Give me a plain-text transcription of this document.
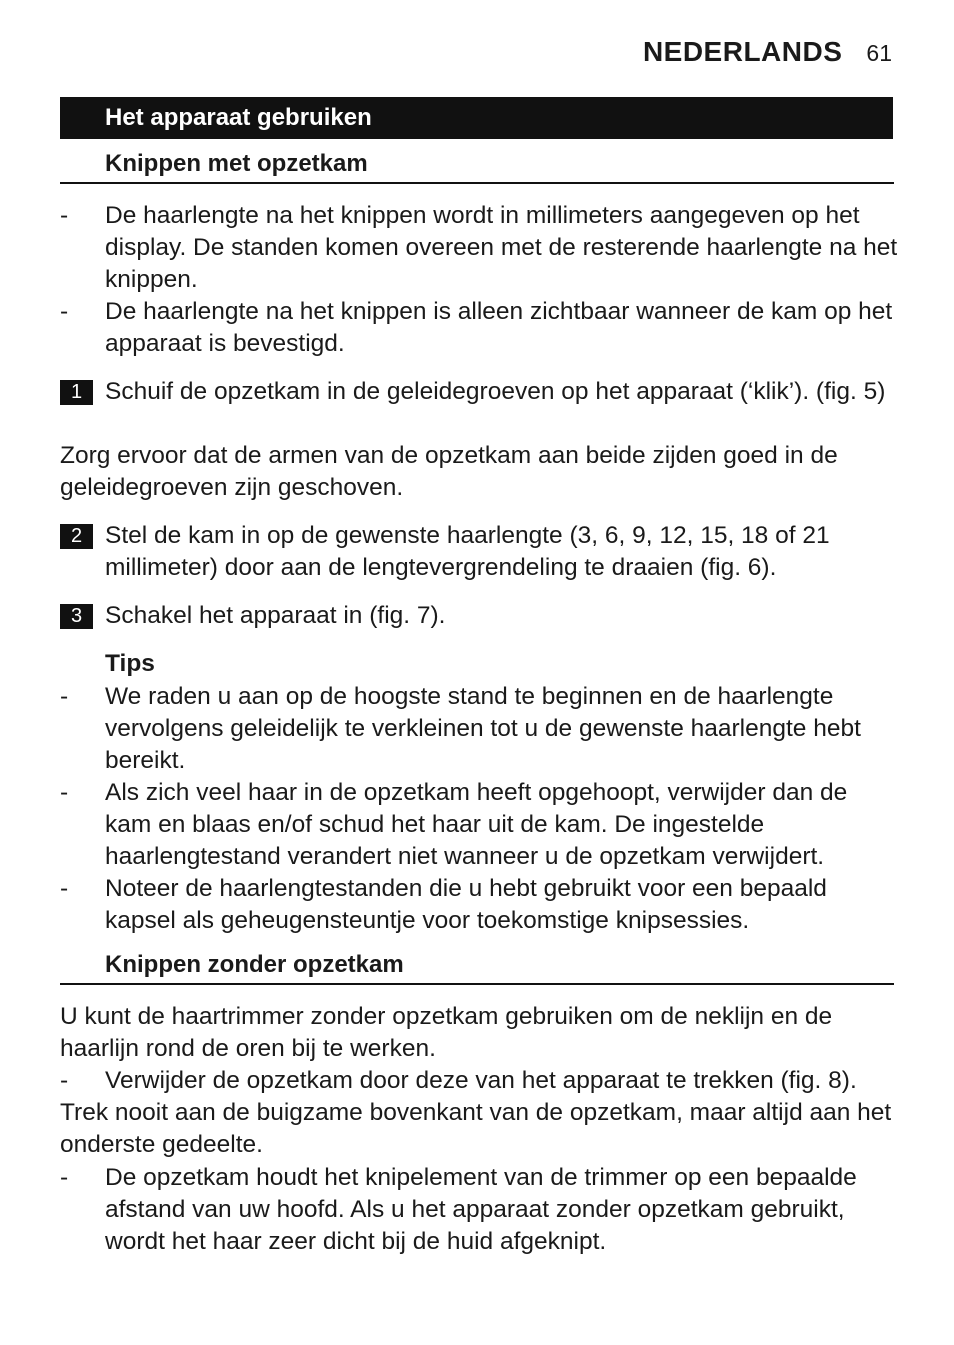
NEDERLANDS 61
Het apparaat gebruiken
Knippen met opzetkam
- De haarlengte na het knippen wordt in millimeters aangegeven op het display. De standen komen overeen met de resterende haarlengte na het knippen.
- De haarlengte na het knippen is alleen zichtbaar wanneer de kam op het apparaat is bevestigd.
1 Schuif de opzetkam in de geleidegroeven op het apparaat (‘klik’). (fig. 5)

Zorg ervoor dat de armen van de opzetkam aan beide zijden goed in de geleidegroeven zijn geschoven.

2 Stel de kam in op de gewenste haarlengte (3, 6, 9, 12, 15, 18 of 21 millimeter) door aan de lengtevergrendeling te draaien (fig. 6).
3 Schakel het apparaat in (fig. 7).
Tips
- We raden u aan op de hoogste stand te beginnen en de haarlengte vervolgens geleidelijk te verkleinen tot u de gewenste haarlengte hebt bereikt.
- Als zich veel haar in de opzetkam heeft opgehoopt, verwijder dan de kam en blaas en/of schud het haar uit de kam. De ingestelde haarlengtestand verandert niet wanneer u de opzetkam verwijdert.
- Noteer de haarlengtestanden die u hebt gebruikt voor een bepaald kapsel als geheugensteuntje voor toekomstige knipsessies.
Knippen zonder opzetkam

U kunt de haartrimmer zonder opzetkam gebruiken om de neklijn en de haarlijn rond de oren bij te werken.

- Verwijder de opzetkam door deze van het apparaat te trekken (fig. 8).

Trek nooit aan de buigzame bovenkant van de opzetkam, maar altijd aan het onderste gedeelte.

- De opzetkam houdt het knipelement van de trimmer op een bepaalde afstand van uw hoofd. Als u het apparaat zonder opzetkam gebruikt, wordt het haar zeer dicht bij de huid afgeknipt.
